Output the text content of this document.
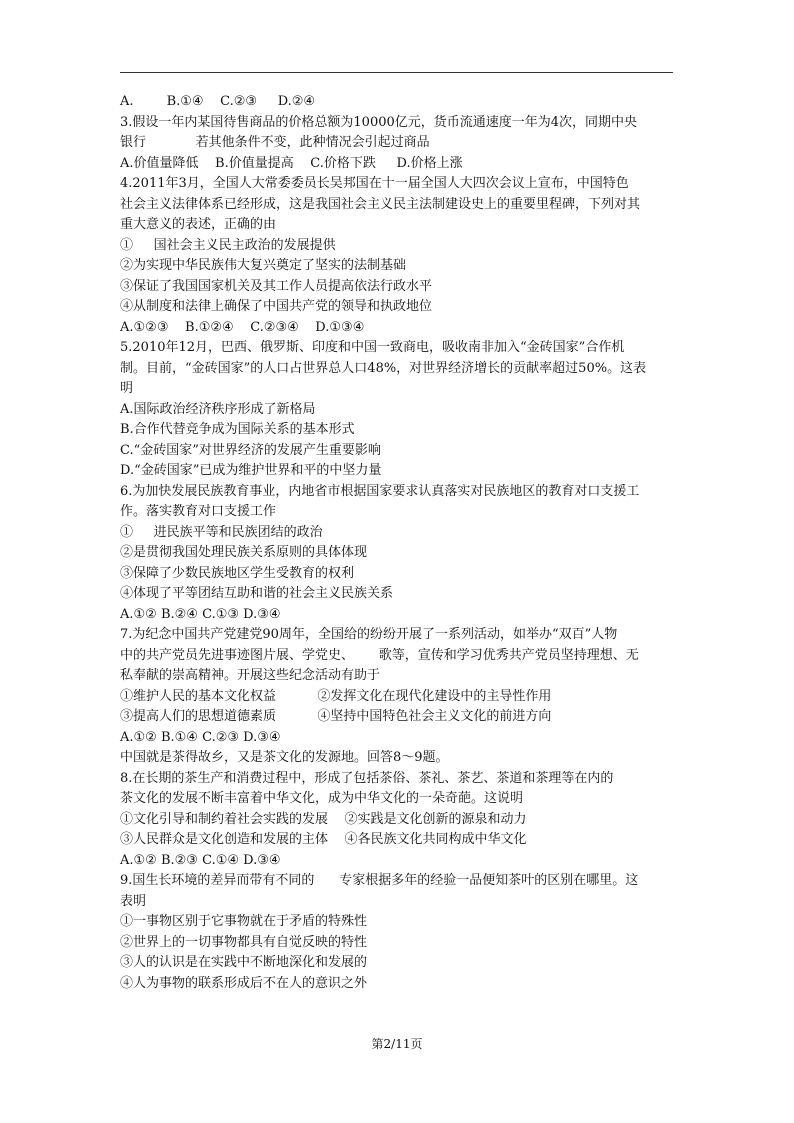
A.        B.①④    C.②③     D.②④
3.假设一年内某国待售商品的价格总额为10000亿元，货币流通速度一年为4次，同期中央
银行            若其他条件不变，此种情况会引起过商品
A.价值量降低    B.价值量提高    C.价格下跌     D.价格上涨
4.2011年3月，全国人大常委委员长吴邦国在十一届全国人大四次会议上宣布，中国特色
社会主义法律体系已经形成，这是我国社会主义民主法制建设史上的重要里程碑，下列对其
重大意义的表述，正确的由
①     国社会主义民主政治的发展提供
②为实现中华民族伟大复兴奠定了坚实的法制基础
③保证了我国国家机关及其工作人员提高依法行政水平
④从制度和法律上确保了中国共产党的领导和执政地位
A.①②③    B.①②④    C.②③④    D.①③④
5.2010年12月，巴西、俄罗斯、印度和中国一致商电，吸收南非加入“金砖国家”合作机
制。目前，“金砖国家”的人口占世界总人口48%，对世界经济增长的贡献率超过50%。这表
明
A.国际政治经济秩序形成了新格局
B.合作代替竞争成为国际关系的基本形式
C.“金砖国家”对世界经济的发展产生重要影响
D.“金砖国家”已成为维护世界和平的中坚力量
6.为加快发展民族教育事业，内地省市根据国家要求认真落实对民族地区的教育对口支援工
作。落实教育对口支援工作
①     进民族平等和民族团结的政治
②是贯彻我国处理民族关系原则的具体体现
③保障了少数民族地区学生受教育的权利
④体现了平等团结互助和谐的社会主义民族关系
A.①② B.②④ C.①③ D.③④
7.为纪念中国共产党建党90周年，全国给的纷纷开展了一系列活动，如举办“双百”人物
中的共产党员先进事迹图片展、学党史、      歌等，宣传和学习优秀共产党员坚持理想、无
私奉献的崇高精神。开展这些纪念活动有助于
①维护人民的基本文化权益          ②发挥文化在现代化建设中的主导性作用
③提高人们的思想道德素质          ④坚持中国特色社会主义文化的前进方向
A.①② B.①④ C.②③ D.③④
中国就是茶得故乡，又是茶文化的发源地。回答8～9题。
8.在长期的茶生产和消费过程中，形成了包括茶俗、茶礼、茶艺、茶道和茶理等在内的
茶文化的发展不断丰富着中华文化，成为中华文化的一朵奇葩。这说明
①文化引导和制约着社会实践的发展    ②实践是文化创新的源泉和动力
③人民群众是文化创造和发展的主体    ④各民族文化共同构成中华文化
A.①② B.②③ C.①④ D.③④
9.国生长环境的差异而带有不同的      专家根据多年的经验一品便知茶叶的区别在哪里。这
表明
①一事物区别于它事物就在于矛盾的特殊性
②世界上的一切事物都具有自觉反映的特性
③人的认识是在实践中不断地深化和发展的
④人为事物的联系形成后不在人的意识之外
第2/11页
